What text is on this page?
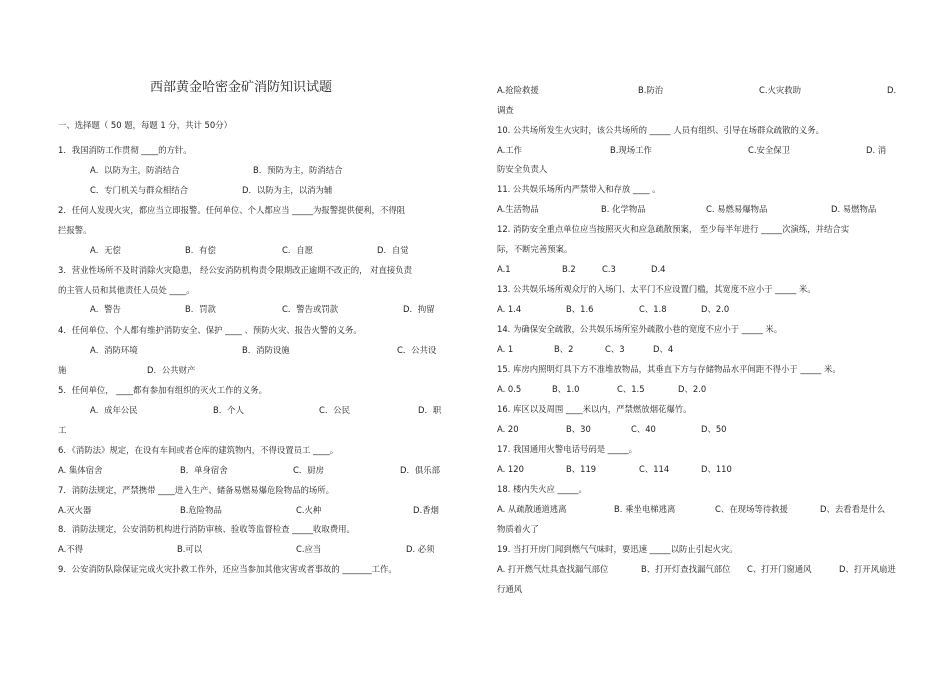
西部黄金哈密金矿消防知识试题
一、选择题（ 50 题，每题 1 分，共计 50分）
1．我国消防工作贯彻 ____的方针。
A．以防为主，防消结合	B．预防为主，防消结合
C．专门机关与群众相结合	D．以防为主，以消为辅
2．任何人发现火灾，都应当立即报警。任何单位、个人都应当 _____为报警提供便利，不得阻
拦报警。
A．无偿	B．有偿	C．自愿	D．自觉
3．营业性场所不及时消除火灾隐患， 经公安消防机构责令限期改正逾期不改正的， 对直接负责
的主管人员和其他责任人员处 ____。
A．警告	B．罚款	C．警告或罚款	D．拘留
4．任何单位、个人都有维护消防安全、保护 ____ 、预防火灾、报告火警的义务。
A．消防环境	B．消防设施	C．公共设
施	D．公共财产
5．任何单位， ____都有参加有组织的灭火工作的义务。
A．成年公民	B．个人	C．公民	D．职
工
6．《消防法》规定，在设有车间或者仓库的建筑物内，不得设置员工 ____。
A. 集体宿舍	B．单身宿舍	C．厨房	D．俱乐部
7．消防法规定，严禁携带 ____进入生产、储备易燃易爆危险物品的场所。
A.灭火器	B.危险物品	C.火种	D.香烟
8．消防法规定，公安消防机构进行消防审核、验收等监督检查 _____收取费用。
A.不得	B.可以	C.应当	D. 必须
9．公安消防队除保证完成火灾扑救工作外，还应当参加其他灾害或者事故的 _______工作。
A.抢险救援	B.防治	C.火灾救助	D.
调查
10. 公共场所发生火灾时，该公共场所的 _____ 人员有组织、引导在场群众疏散的义务。
A.工作	B.现场工作	C.安全保卫	D. 消
防安全负责人
11. 公共娱乐场所内严禁带入和存放 ____ 。
A.生活物品	B. 化学物品	C. 易燃易爆物品	D. 易燃物品
12. 消防安全重点单位应当按照灭火和应急疏散预案， 至少每半年进行 _____次演练，并结合实
际，不断完善预案。
A.1	B.2	C.3	D.4
13. 公共娱乐场所观众厅的入场门、太平门不应设置门槛，其宽度不应小于 _____ 米。
A. 1.4	B、1.6	C、1.8	D、2.0
14. 为确保安全疏散，公共娱乐场所室外疏散小巷的宽度不应小于 _____ 米。
A. 1	B、2	C、3	D、4
15. 库房内照明灯具下方不准堆放物品，其垂直下方与存储物品水平间距不得小于 _____ 米。
A. 0.5	B、1.0	C、1.5	D、2.0
16. 库区以及周围 ____米以内，严禁燃放烟花爆竹。
A. 20	B、30	C、40	D、50
17. 我国通用火警电话号码是 _____。
A. 120	B、119	C、114	D、110
18. 楼内失火应 _____。
A. 从疏散通道逃离	B. 乘坐电梯逃离	C、在现场等待救援	D、去看看是什么
物质着火了
19. 当打开房门闻到燃气气味时，要迅速 _____以防止引起火灾。
A. 打开燃气灶具查找漏气部位	B、打开灯查找漏气部位 C、打开门窗通风	D、打开风扇进
行通风
